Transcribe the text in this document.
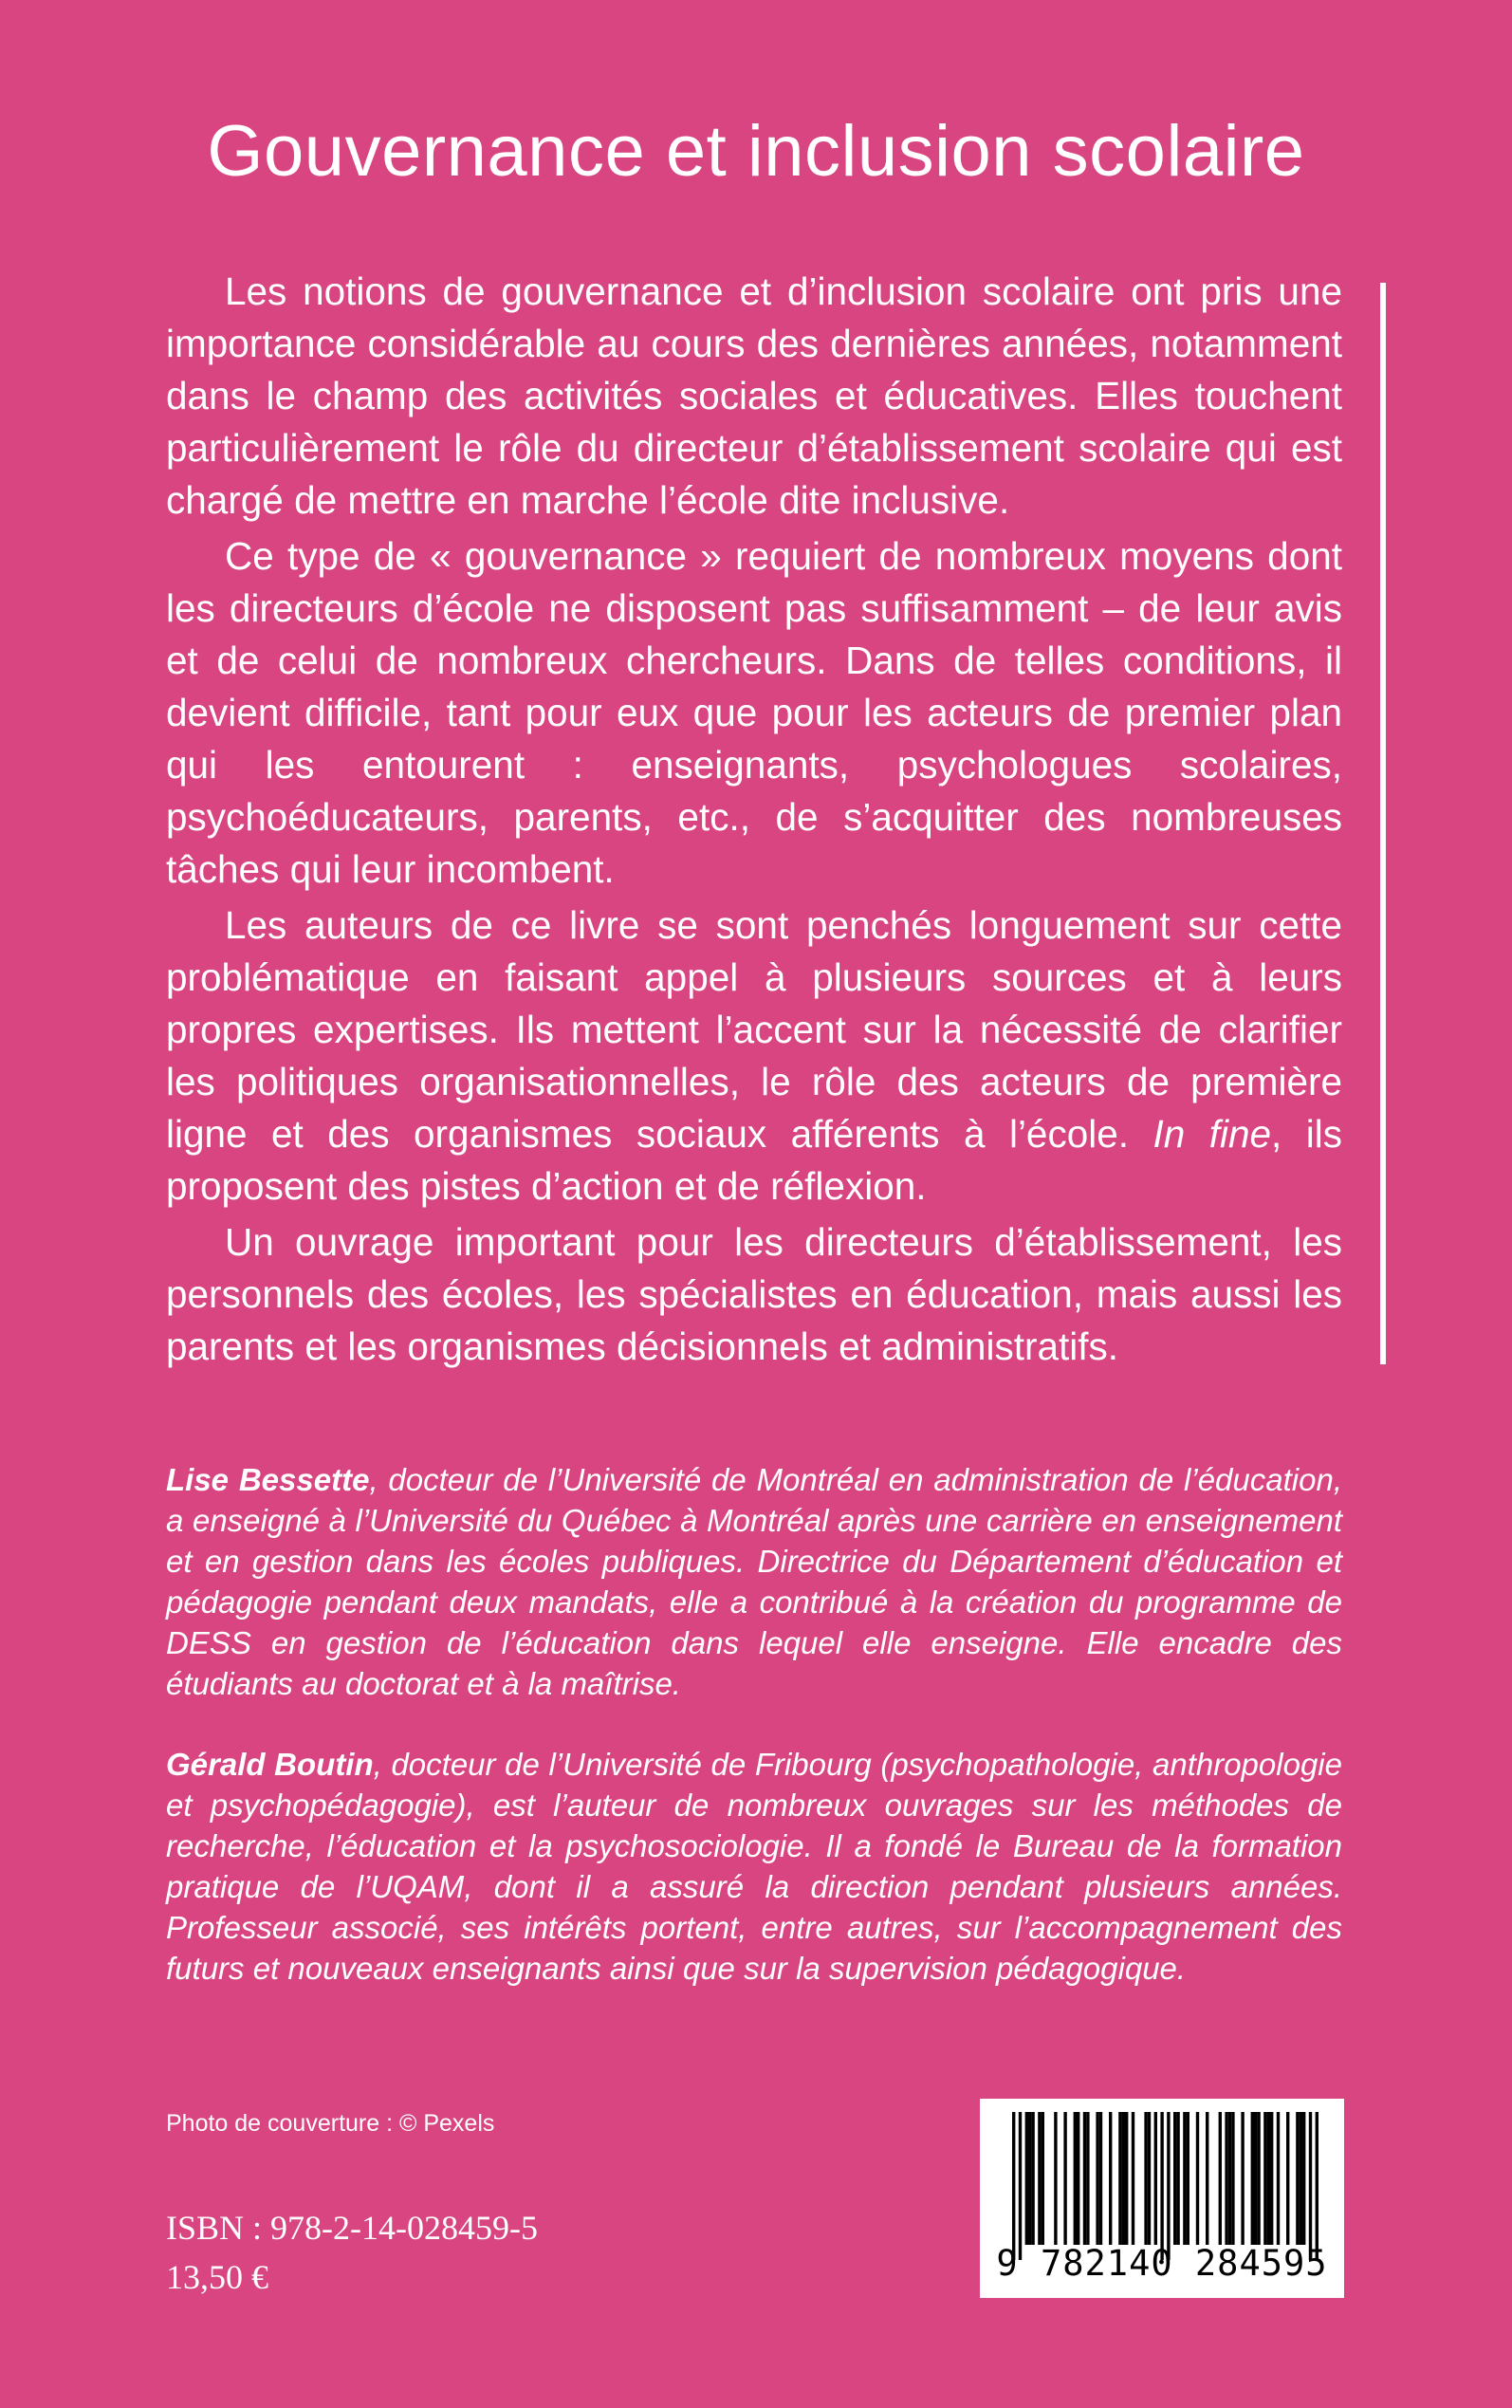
Gouvernance et inclusion scolaire

Les notions de gouvernance et d’inclusion scolaire ont pris une importance considérable au cours des dernières années, notamment dans le champ des activités sociales et éducatives. Elles touchent particulièrement le rôle du directeur d’établissement scolaire qui est chargé de mettre en marche l’école dite inclusive.

Ce type de « gouvernance » requiert de nombreux moyens dont les directeurs d’école ne disposent pas suffisamment – de leur avis et de celui de nombreux chercheurs. Dans de telles conditions, il devient difficile, tant pour eux que pour les acteurs de premier plan qui les entourent : enseignants, psychologues scolaires, psychoéducateurs, parents, etc., de s’acquitter des nombreuses tâches qui leur incombent.

Les auteurs de ce livre se sont penchés longuement sur cette problématique en faisant appel à plusieurs sources et à leurs propres expertises. Ils mettent l’accent sur la nécessité de clarifier les politiques organisationnelles, le rôle des acteurs de première ligne et des organismes sociaux afférents à l’école. In fine, ils proposent des pistes d’action et de réflexion.

Un ouvrage important pour les directeurs d’établissement, les personnels des écoles, les spécialistes en éducation, mais aussi les parents et les organismes décisionnels et administratifs.

Lise Bessette, docteur de l’Université de Montréal en administration de l’éducation, a enseigné à l’Université du Québec à Montréal après une carrière en enseignement et en gestion dans les écoles publiques. Directrice du Département d’éducation et pédagogie pendant deux mandats, elle a contribué à la création du programme de DESS en gestion de l’éducation dans lequel elle enseigne. Elle encadre des étudiants au doctorat et à la maîtrise.

Gérald Boutin, docteur de l’Université de Fribourg (psychopathologie, anthropologie et psychopédagogie), est l’auteur de nombreux ouvrages sur les méthodes de recherche, l’éducation et la psychosociologie. Il a fondé le Bureau de la formation pratique de l’UQAM, dont il a assuré la direction pendant plusieurs années. Professeur associé, ses intérêts portent, entre autres, sur l’accompagnement des futurs et nouveaux enseignants ainsi que sur la supervision pédagogique.

Photo de couverture : © Pexels
ISBN : 978-2-14-028459-5
13,50 €	9 782140 284595
